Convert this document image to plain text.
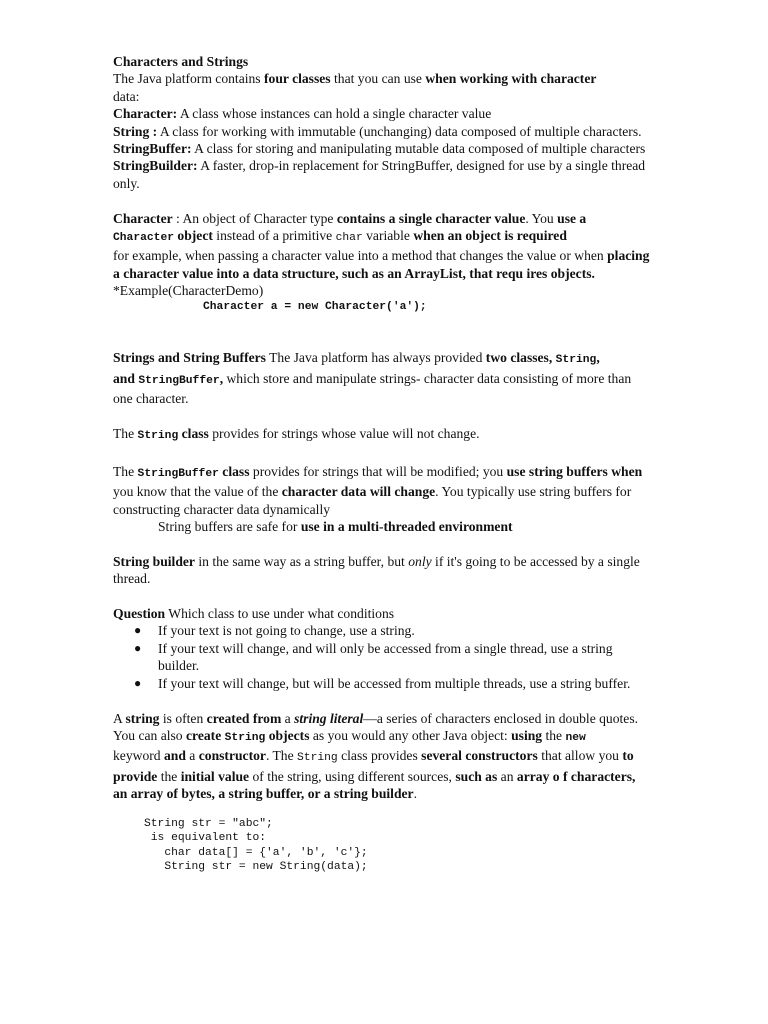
Characters and Strings

The Java platform contains four classes that you can use when working with character
data:

Character: A class whose instances can hold a single character value

String : A class for working with immutable (unchanging) data composed of multiple characters.

StringBuffer: A class for storing and manipulating mutable data composed of multiple characters

StringBuilder: A faster, drop-in replacement for StringBuffer, designed for use by a single thread only.

Character : An object of Character type contains a single character value. You use a
Character object instead of a primitive char variable when an object is required
for example, when passing a character value into a method that changes the value or when placing a character value into a data structure, such as an ArrayList, that requ ires objects. *Example(CharacterDemo)

Character a = new Character('a');

Strings and String Buffers The Java platform has always provided two classes, String,
and StringBuffer, which store and manipulate strings- character data consisting of more than one character.

The String class provides for strings whose value will not change.

The StringBuffer class provides for strings that will be modified; you use string buffers when you know that the value of the character data will change. You typically use string buffers for constructing character data dynamically

String buffers are safe for use in a multi-threaded environment

String builder in the same way as a string buffer, but only if it's going to be accessed by a single thread.

Question Which class to use under what conditions

● If your text is not going to change, use a string.
● If your text will change, and will only be accessed from a single thread, use a string builder.
● If your text will change, but will be accessed from multiple threads, use a string buffer.

A string is often created from a string literal—a series of characters enclosed in double quotes.

You can also create String objects as you would any other Java object: using the new
keyword and a constructor. The String class provides several constructors that allow you to provide the initial value of the string, using different sources, such as an array o f characters, an array of bytes, a string buffer, or a string builder.

String str = "abc";
is equivalent to:
char data[] = {'a', 'b', 'c'};
String str = new String(data);
